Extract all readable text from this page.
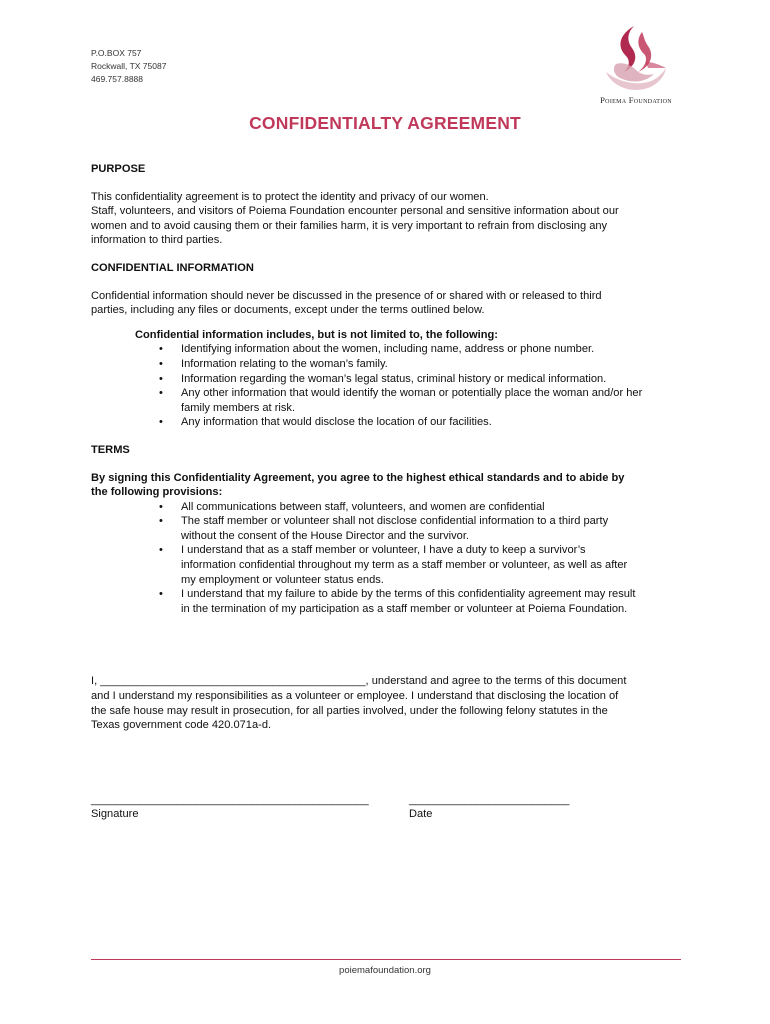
P.O.BOX 757
Rockwall, TX 75087
469.757.8888
Poiema Foundation
CONFIDENTIALTY AGREEMENT

PURPOSE

This confidentiality agreement is to protect the identity and privacy of our women.

Staff, volunteers, and visitors of Poiema Foundation encounter personal and sensitive information about our

women and to avoid causing them or their families harm, it is very important to refrain from disclosing any

information to third parties.

CONFIDENTIAL INFORMATION

Confidential information should never be discussed in the presence of or shared with or released to third

parties, including any files or documents, except under the terms outlined below.

Confidential information includes, but is not limited to, the following:

• Identifying information about the women, including name, address or phone number.
• Information relating to the woman’s family.
• Information regarding the woman’s legal status, criminal history or medical information.
• Any other information that would identify the woman or potentially place the woman and/or her
family members at risk.
• Any information that would disclose the location of our facilities.

TERMS

By signing this Confidentiality Agreement, you agree to the highest ethical standards and to abide by

the following provisions:

• All communications between staff, volunteers, and women are confidential
• The staff member or volunteer shall not disclose confidential information to a third party
without the consent of the House Director and the survivor.
• I understand that as a staff member or volunteer, I have a duty to keep a survivor’s
information confidential throughout my term as a staff member or volunteer, as well as after
my employment or volunteer status ends.
• I understand that my failure to abide by the terms of this confidentiality agreement may result
in the termination of my participation as a staff member or volunteer at Poiema Foundation.

I, ___________________________________________, understand and agree to the terms of this document

and I understand my responsibilities as a volunteer or employee. I understand that disclosing the location of

the safe house may result in prosecution, for all parties involved, under the following felony statutes in the

Texas government code 420.071a-d.

_____________________________________________	__________________________
Signature	Date
poiemafoundation.org
